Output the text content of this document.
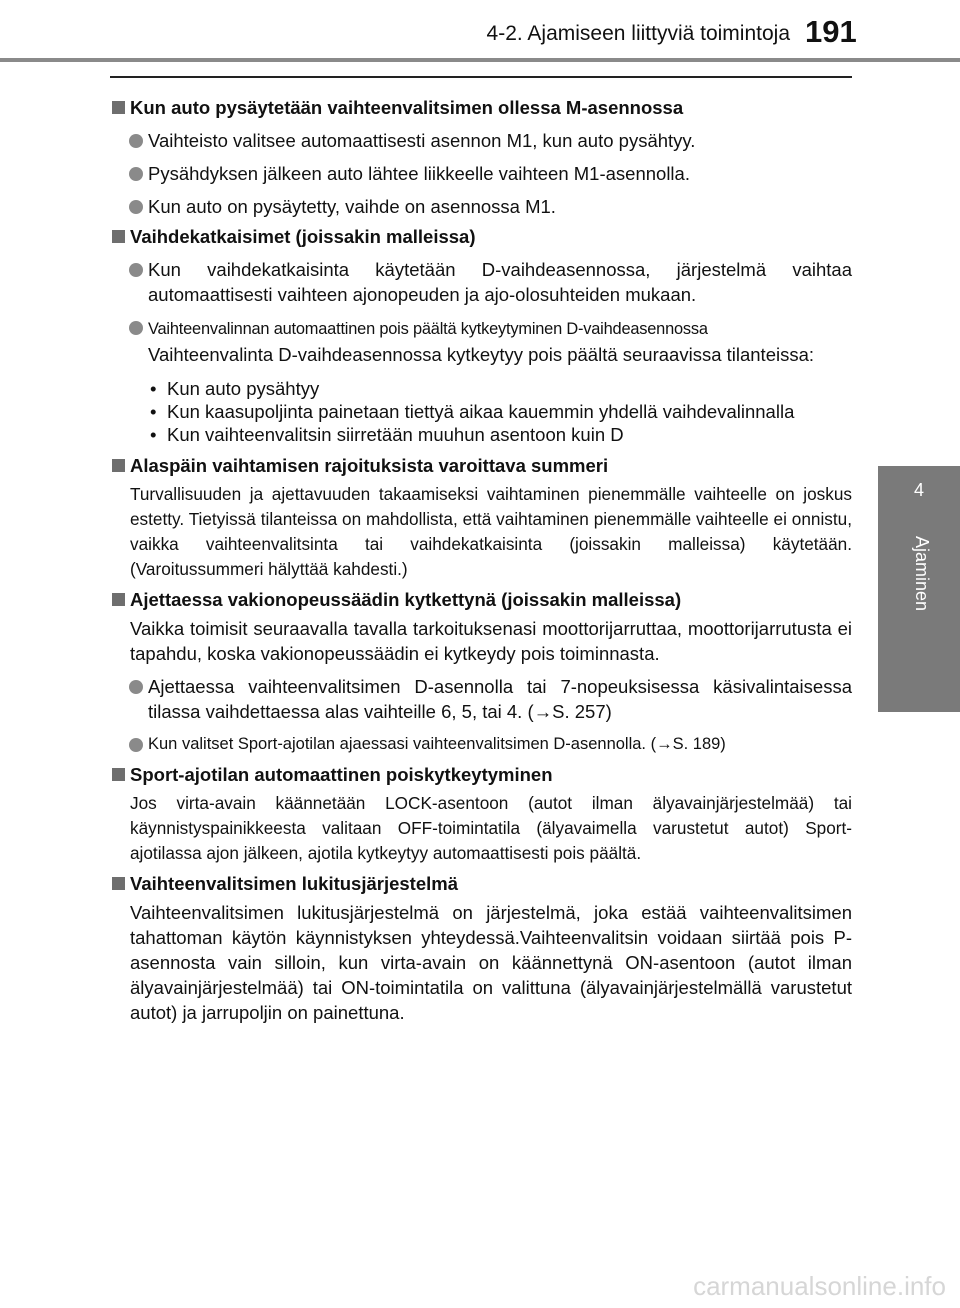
4-2. Ajamiseen liittyviä toimintoja 191
4
Ajaminen
Kun auto pysäytetään vaihteenvalitsimen ollessa M-asennossa
Vaihteisto valitsee automaattisesti asennon M1, kun auto pysähtyy.
Pysähdyksen jälkeen auto lähtee liikkeelle vaihteen M1-asennolla.
Kun auto on pysäytetty, vaihde on asennossa M1.
Vaihdekatkaisimet (joissakin malleissa)
Kun vaihdekatkaisinta käytetään D-vaihdeasennossa, järjestelmä vaihtaa automaattisesti vaihteen ajonopeuden ja ajo-olosuhteiden mukaan.
Vaihteenvalinnan automaattinen pois päältä kytkeytyminen D-vaihdeasennossa
Vaihteenvalinta D-vaihdeasennossa kytkeytyy pois päältä seuraavissa tilanteissa:
• Kun auto pysähtyy
• Kun kaasupoljinta painetaan tiettyä aikaa kauemmin yhdellä vaihdevalinnalla
• Kun vaihteenvalitsin siirretään muuhun asentoon kuin D
Alaspäin vaihtamisen rajoituksista varoittava summeri
Turvallisuuden ja ajettavuuden takaamiseksi vaihtaminen pienemmälle vaihteelle on joskus estetty. Tietyissä tilanteissa on mahdollista, että vaihtaminen pienemmälle vaihteelle ei onnistu, vaikka vaihteenvalitsinta tai vaihdekatkaisinta (joissakin malleissa) käytetään. (Varoitussummeri hälyttää kahdesti.)
Ajettaessa vakionopeussäädin kytkettynä (joissakin malleissa)
Vaikka toimisit seuraavalla tavalla tarkoituksenasi moottorijarruttaa, moottorijarrutusta ei tapahdu, koska vakionopeussäädin ei kytkeydy pois toiminnasta.
Ajettaessa vaihteenvalitsimen D-asennolla tai 7-nopeuksisessa käsivalintaisessa tilassa vaihdettaessa alas vaihteille 6, 5, tai 4. (→S. 257)
Kun valitset Sport-ajotilan ajaessasi vaihteenvalitsimen D-asennolla. (→S. 189)
Sport-ajotilan automaattinen poiskytkeytyminen
Jos virta-avain käännetään LOCK-asentoon (autot ilman älyavainjärjestelmää) tai käynnistyspainikkeesta valitaan OFF-toimintatila (älyavaimella varustetut autot) Sport-ajotilassa ajon jälkeen, ajotila kytkeytyy automaattisesti pois päältä.
Vaihteenvalitsimen lukitusjärjestelmä
Vaihteenvalitsimen lukitusjärjestelmä on järjestelmä, joka estää vaihteenvalitsimen tahattoman käytön käynnistyksen yhteydessä.Vaihteenvalitsin voidaan siirtää pois P-asennosta vain silloin, kun virta-avain on käännettynä ON-asentoon (autot ilman älyavainjärjestelmää) tai ON-toimintatila on valittuna (älyavainjärjestelmällä varustetut autot) ja jarrupoljin on painettuna.
carmanualsonline.info
